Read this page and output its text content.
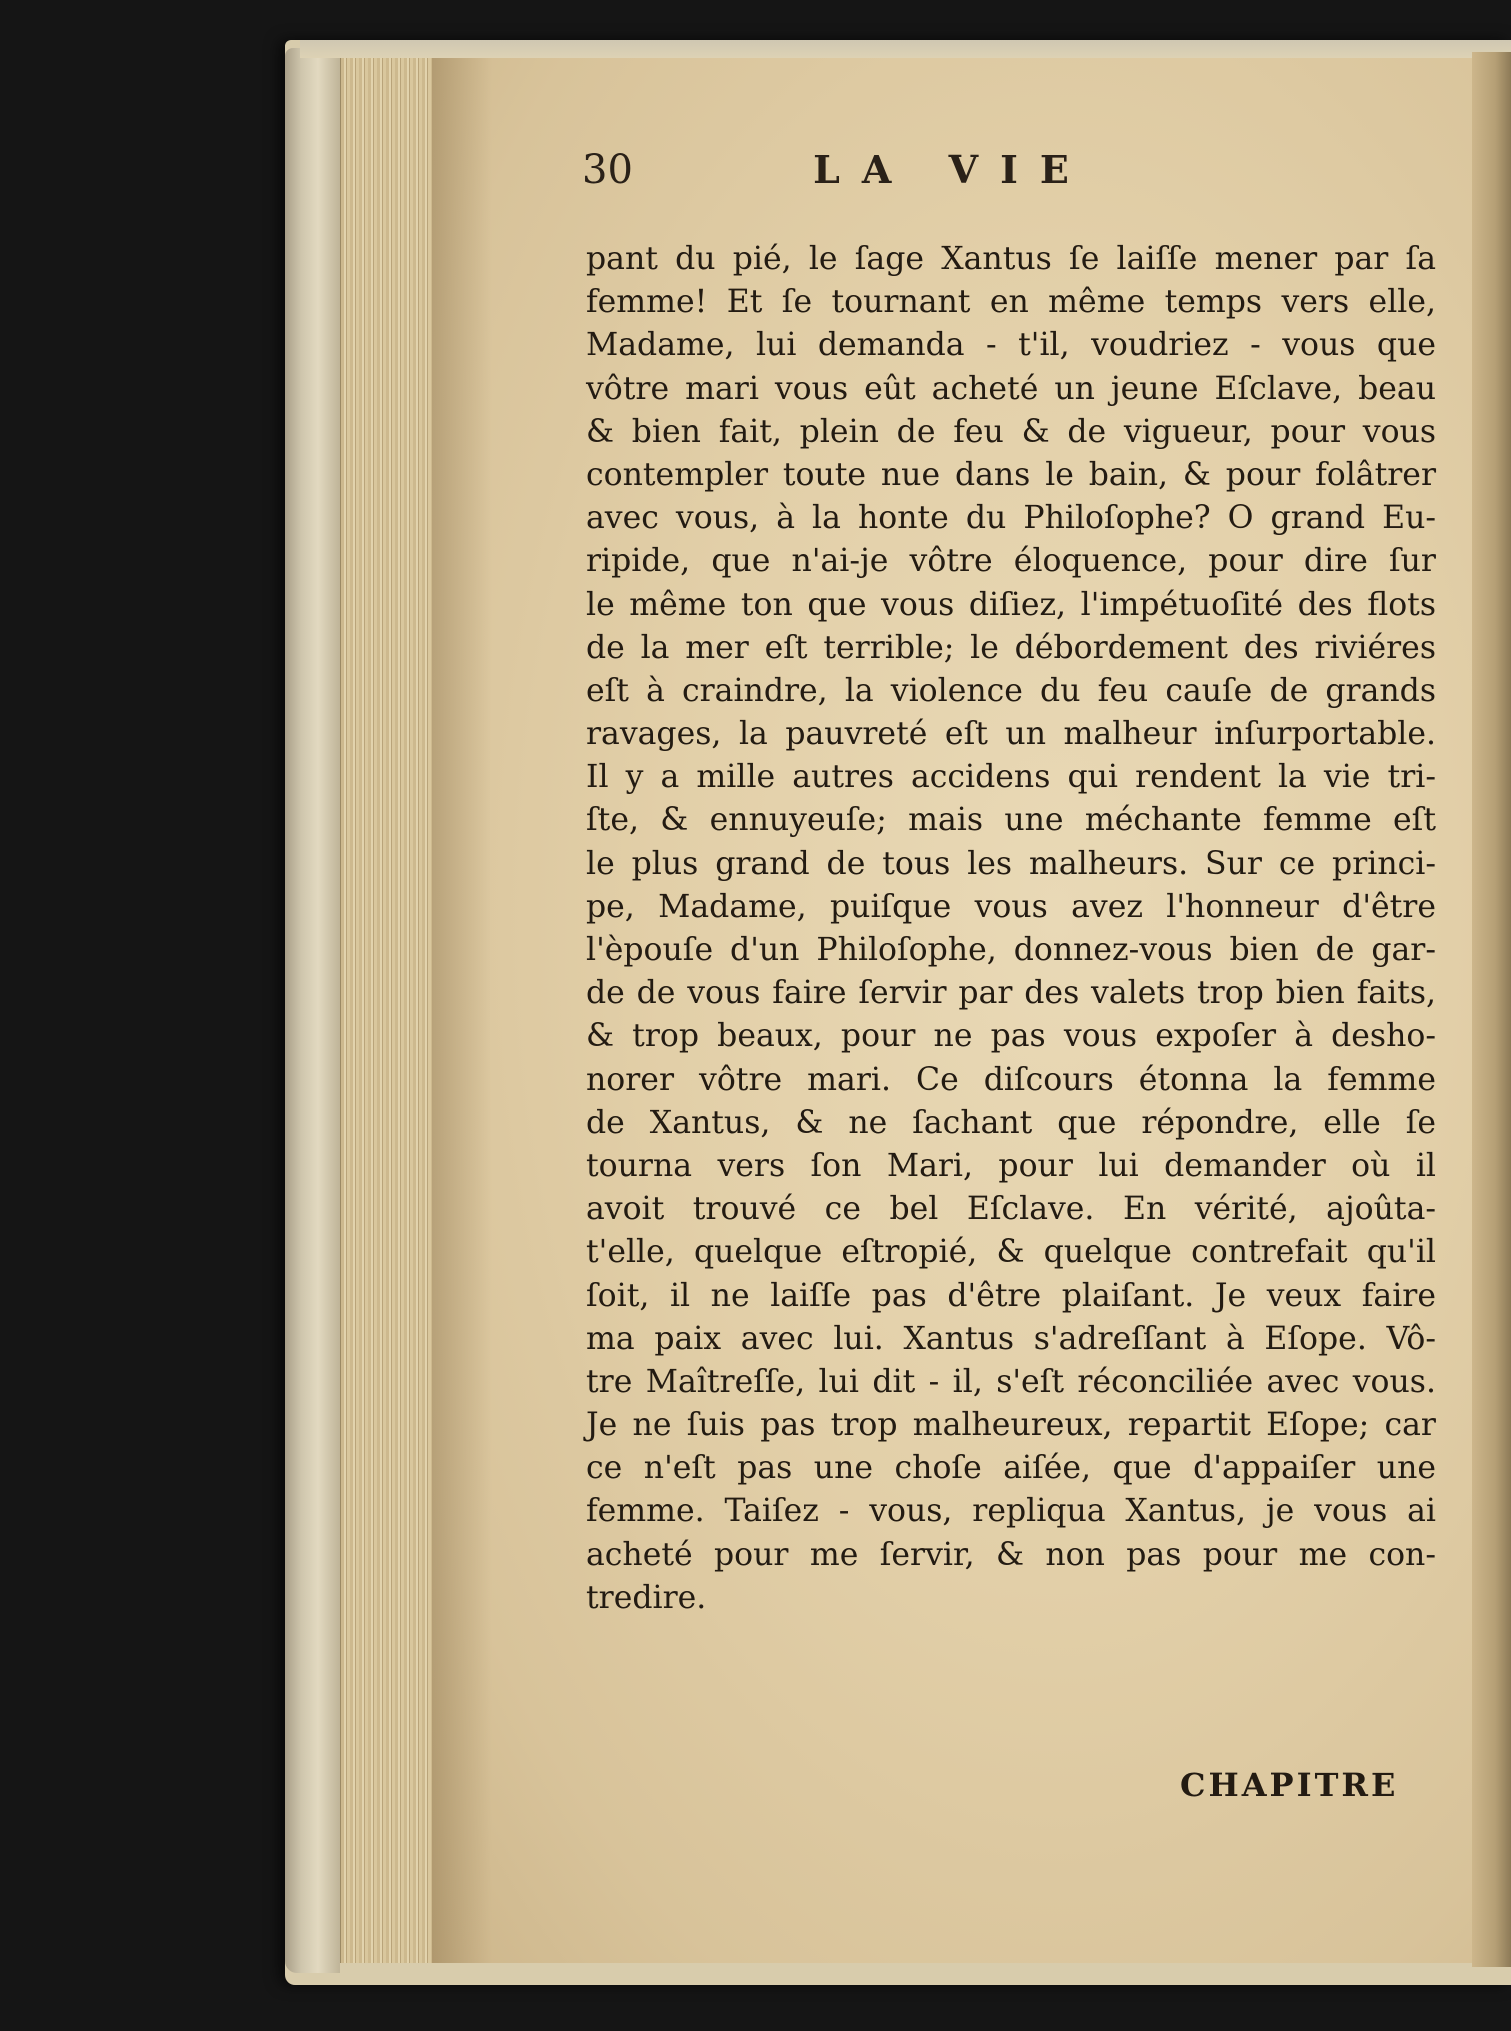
30	LA VIE
pant du pié, le ſage Xantus ſe laiſſe mener par ſa
femme! Et ſe tournant en même temps vers elle,
Madame, lui demanda - t'il, voudriez - vous que
vôtre mari vous eût acheté un jeune Eſclave, beau
& bien fait, plein de feu & de vigueur, pour vous
contempler toute nue dans le bain, & pour folâtrer
avec vous, à la honte du Philoſophe? O grand Eu-
ripide, que n'ai-je vôtre éloquence, pour dire ſur
le même ton que vous diſiez, l'impétuoſité des flots
de la mer eſt terrible; le débordement des riviéres
eſt à craindre, la violence du feu cauſe de grands
ravages, la pauvreté eſt un malheur inſurportable.
Il y a mille autres accidens qui rendent la vie tri-
ſte, & ennuyeuſe; mais une méchante femme eſt
le plus grand de tous les malheurs. Sur ce princi-
pe, Madame, puiſque vous avez l'honneur d'être
l'èpouſe d'un Philoſophe, donnez-vous bien de gar-
de de vous faire ſervir par des valets trop bien faits,
& trop beaux, pour ne pas vous expoſer à desho-
norer vôtre mari. Ce diſcours étonna la femme
de Xantus, & ne ſachant que répondre, elle ſe
tourna vers ſon Mari, pour lui demander où il
avoit trouvé ce bel Eſclave. En vérité, ajoûta-
t'elle, quelque eſtropié, & quelque contrefait qu'il
ſoit, il ne laiſſe pas d'être plaiſant. Je veux faire
ma paix avec lui. Xantus s'adreſſant à Eſope. Vô-
tre Maîtreſſe, lui dit - il, s'eſt réconciliée avec vous.
Je ne ſuis pas trop malheureux, repartit Eſope; car
ce n'eſt pas une choſe aiſée, que d'appaiſer une
femme. Taiſez - vous, repliqua Xantus, je vous ai
acheté pour me ſervir, & non pas pour me con-
tredire.
CHAPITRE
